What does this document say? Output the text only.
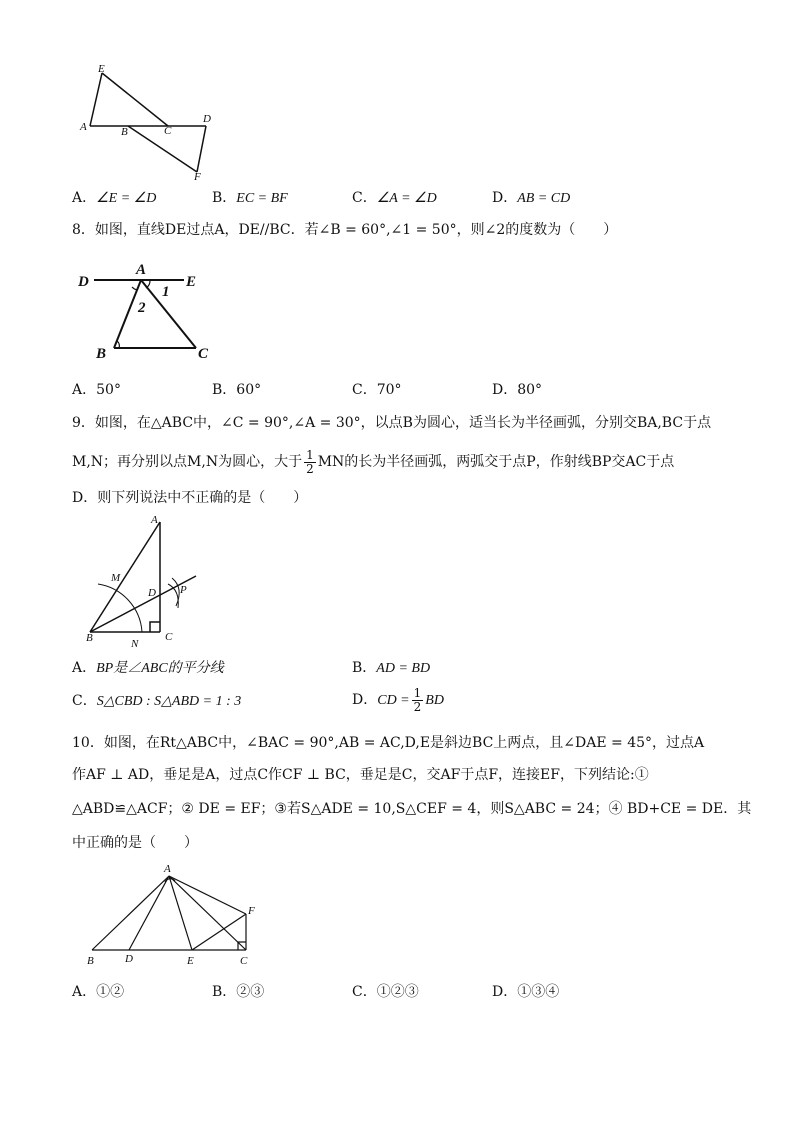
E
A	B	C
D
F
A．∠E = ∠D	B．EC = BF	C．∠A = ∠D	D．AB = CD
8．如图，直线DE过点A，DE//BC．若∠B = 60°,∠1 = 50°，则∠2的度数为（　　）
D
A
E
1
2
B	C
A．50°	B．60°	C．70°	D．80°
9．如图，在△ABC中，∠C = 90°,∠A = 30°，以点B为圆心，适当长为半径画弧，分别交BA,BC于点
M,N；再分别以点M,N为圆心，大于 $\frac{1}{2}$ MN的长为半径画弧，两弧交于点P，作射线BP交AC于点
D．则下列说法中不正确的是（　　）
A
M
D P
B	N
C
A．BP是∠ABC的平分线	B．AD = BD
C．S△CBD : S△ABD = 1 : 3	D．CD = $\frac{1}{2}$ BD
10．如图，在Rt△ABC中，∠BAC = 90°,AB = AC,D,E是斜边BC上两点，且∠DAE = 45°，过点A
作AF ⊥ AD，垂足是A，过点C作CF ⊥ BC，垂足是C，交AF于点F，连接EF，下列结论:①
△ABD≌△ACF；② DE = EF；③若S△ADE = 10,S△CEF = 4，则S△ABC = 24；④ BD+CE = DE．其
中正确的是（　　）
A
F
B	D	E	C
A．①②	B．②③	C．①②③	D．①③④
